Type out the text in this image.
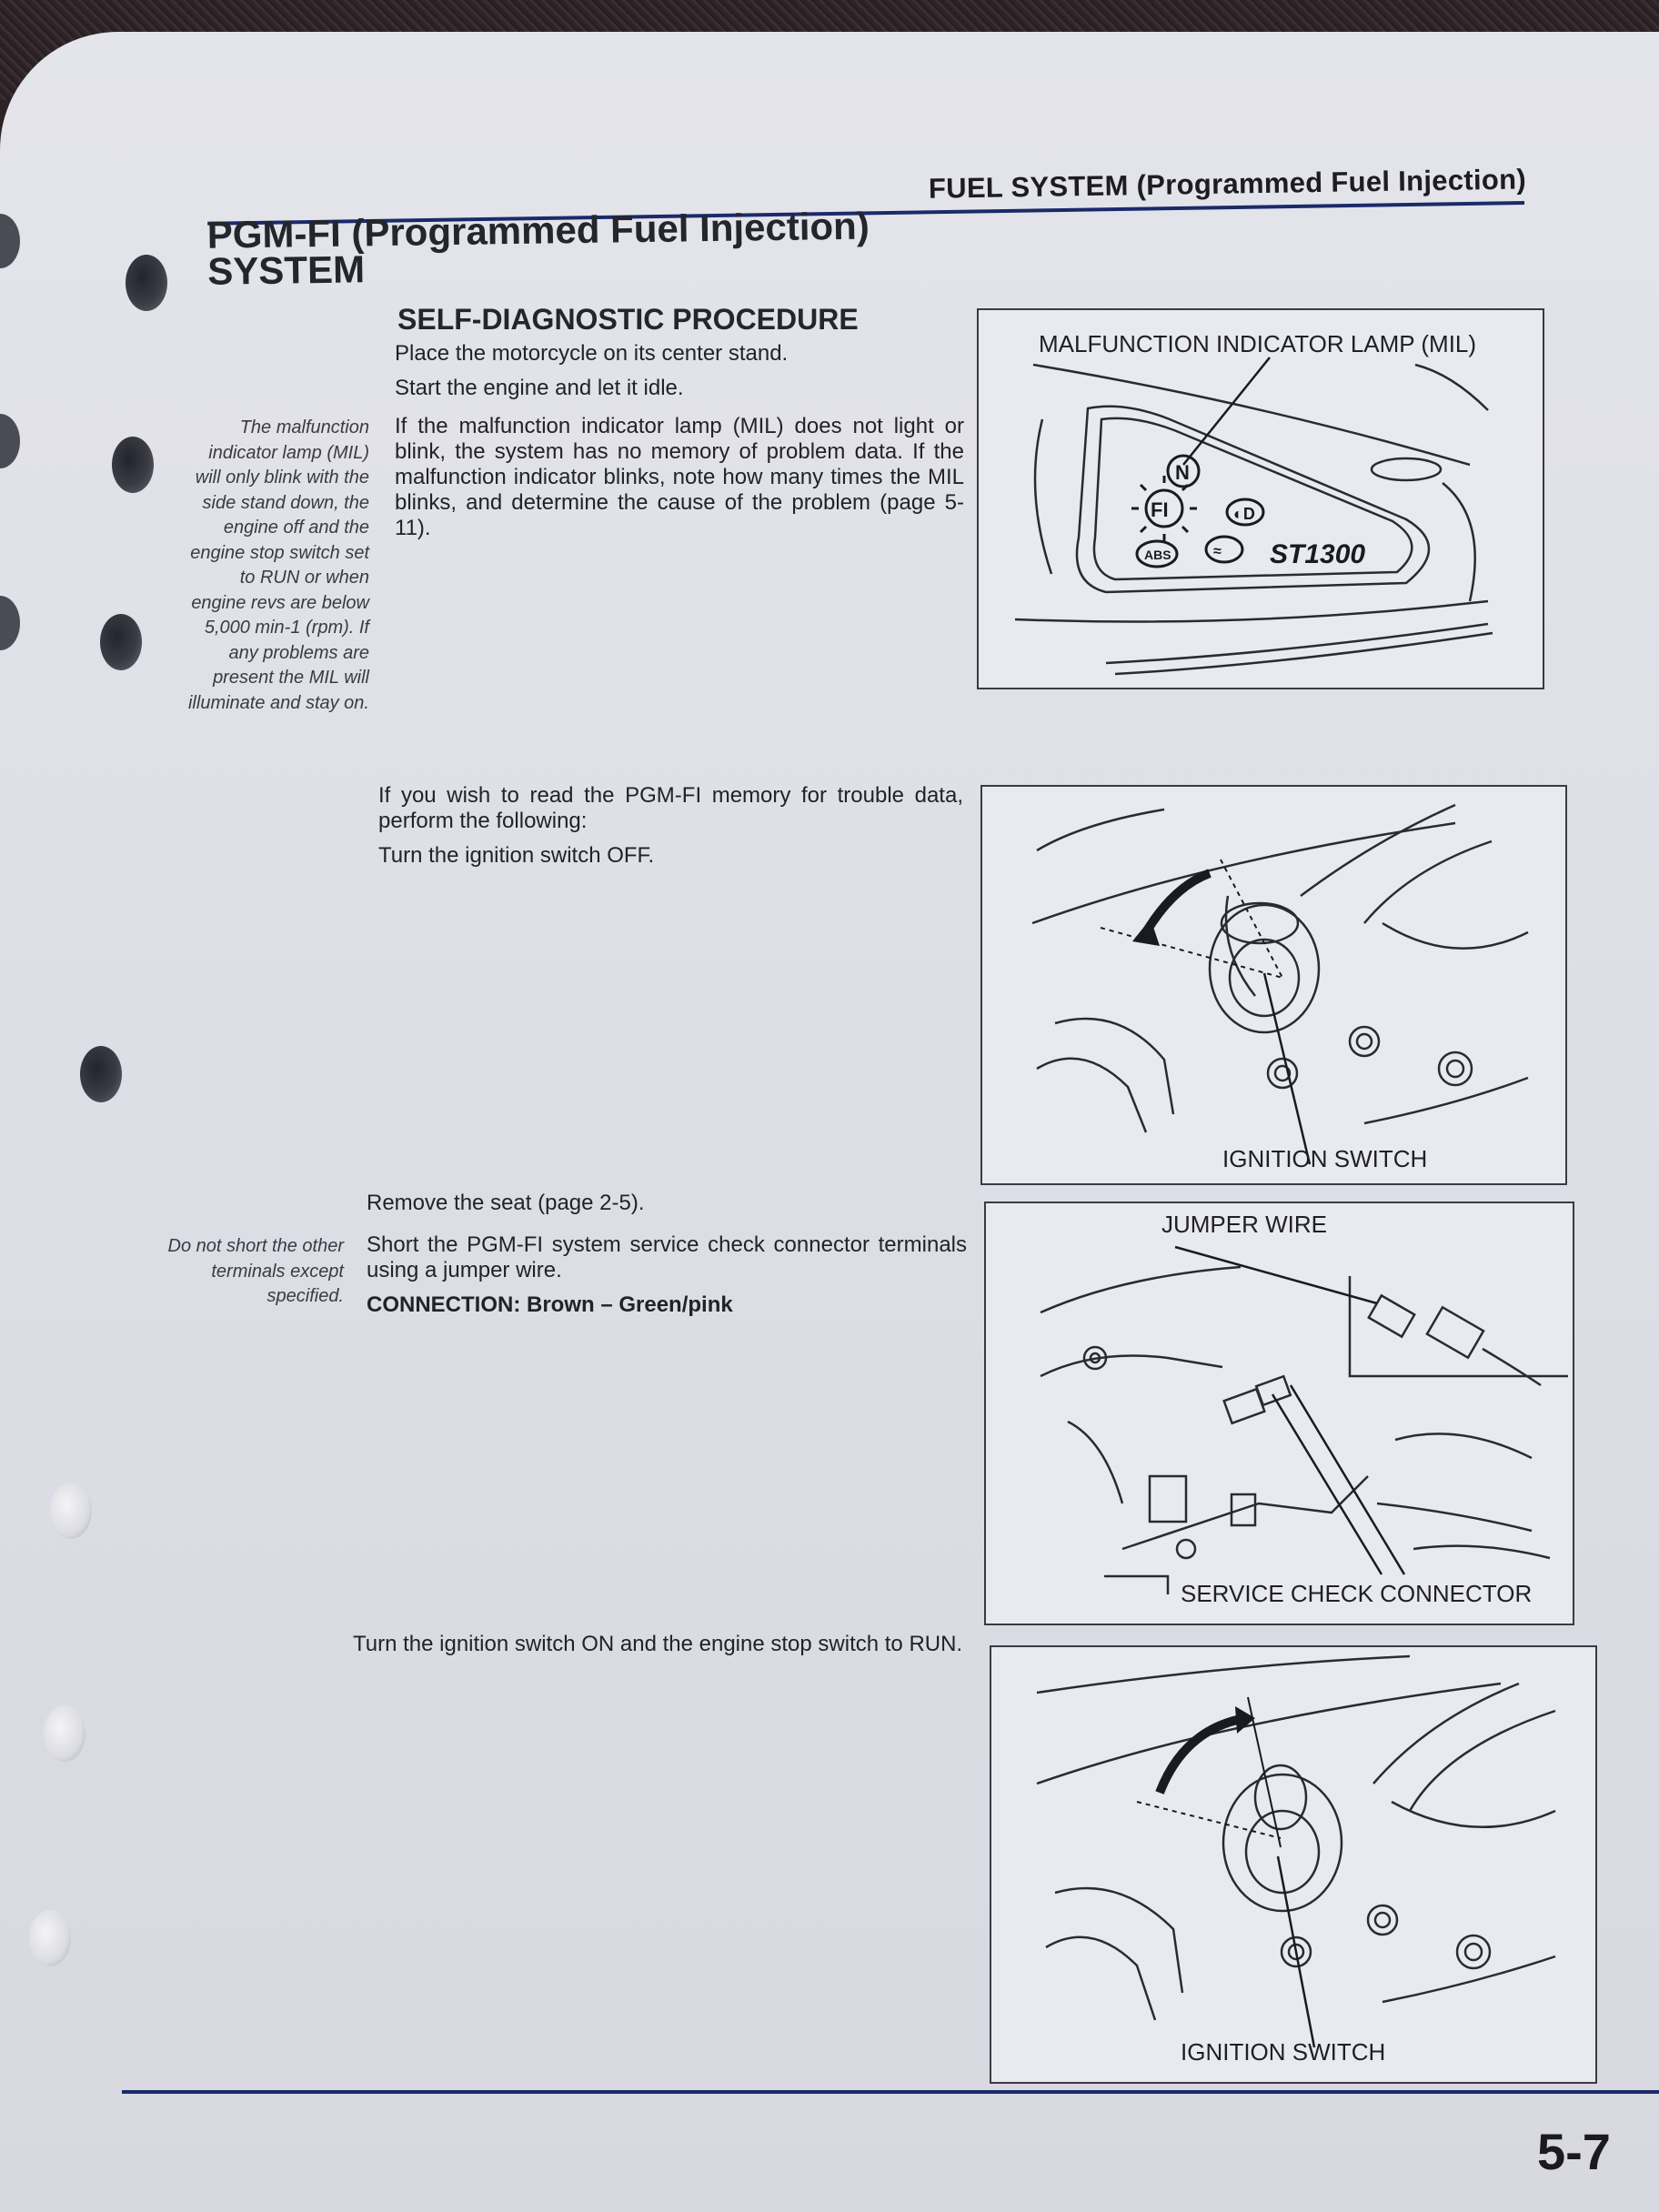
FUEL SYSTEM (Programmed Fuel Injection)
PGM-FI (Programmed Fuel Injection)
SYSTEM
SELF-DIAGNOSTIC PROCEDURE

Place the motorcycle on its center stand.

Start the engine and let it idle.

If the malfunction indicator lamp (MIL) does not light or blink, the system has no memory of problem data. If the malfunction indicator blinks, note how many times the MIL blinks, and determine the cause of the problem (page 5-11).

The malfunction indicator lamp (MIL) will only blink with the side stand down, the engine off and the engine stop switch set to RUN or when engine revs are below 5,000 min-1 (rpm). If any problems are present the MIL will illuminate and stay on.

If you wish to read the PGM-FI memory for trouble data, perform the following:

Turn the ignition switch OFF.

Remove the seat (page 2-5).

Short the PGM-FI system service check connector terminals using a jumper wire.

CONNECTION: Brown – Green/pink

Do not short the other terminals except specified.

Turn the ignition switch ON and the engine stop switch to RUN.

MALFUNCTION INDICATOR LAMP (MIL)
N
FI
ABS
◐D
≈ ST1300
IGNITION SWITCH
JUMPER WIRE
SERVICE CHECK CONNECTOR
IGNITION SWITCH
5-7
